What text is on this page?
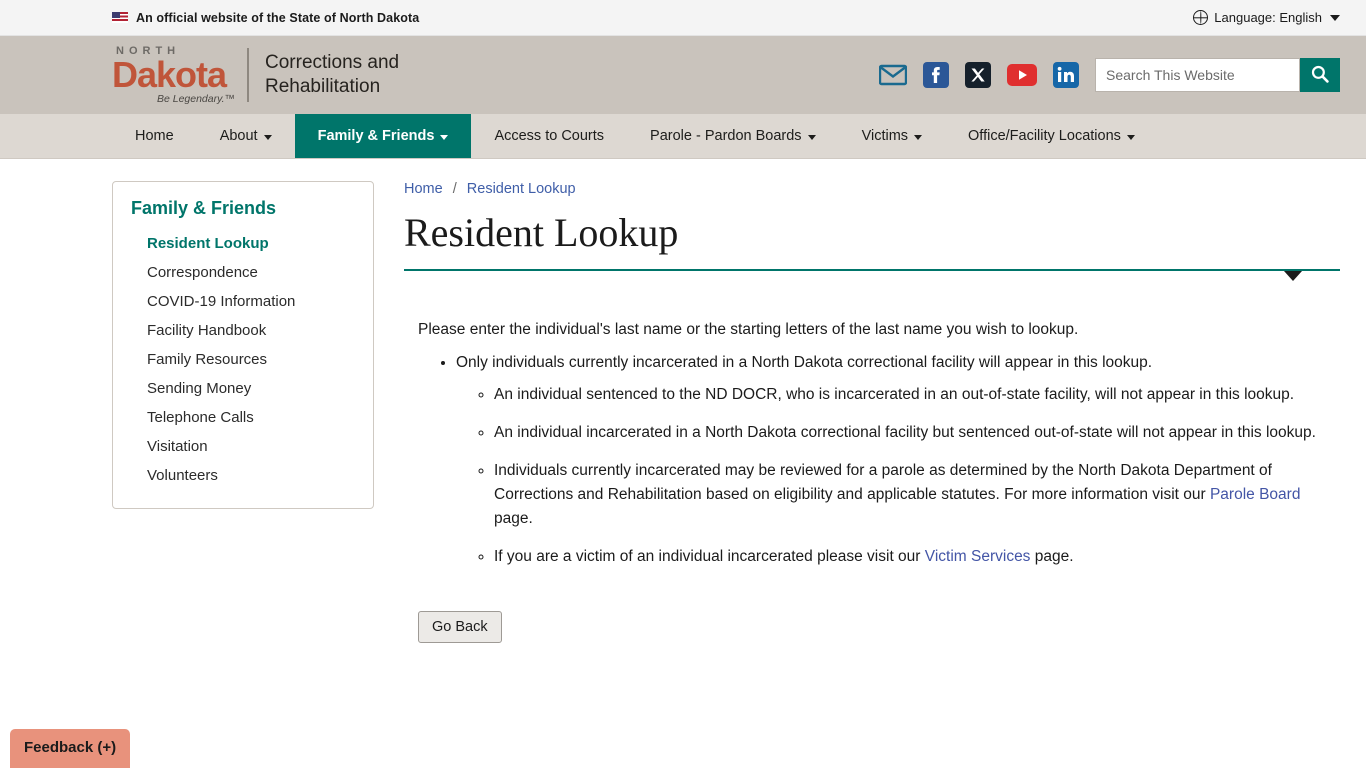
An official website of the State of North Dakota	Language: English
NORTH
Dakota
Be Legendary.™
Corrections and Rehabilitation
Search This Website
Home	About	Family & Friends	Access to Courts	Parole - Pardon Boards	Victims	Office/Facility Locations
Family & Friends
Resident Lookup
Correspondence
COVID-19 Information
Facility Handbook
Family Resources
Sending Money
Telephone Calls
Visitation
Volunteers
Home / Resident Lookup
Resident Lookup

Please enter the individual's last name or the starting letters of the last name you wish to lookup.

• Only individuals currently incarcerated in a North Dakota correctional facility will appear in this lookup.
◦ An individual sentenced to the ND DOCR, who is incarcerated in an out-of-state facility, will not appear in this lookup.
◦ An individual incarcerated in a North Dakota correctional facility but sentenced out-of-state will not appear in this lookup.
◦ Individuals currently incarcerated may be reviewed for a parole as determined by the North Dakota Department of Corrections and Rehabilitation based on eligibility and applicable statutes. For more information visit our Parole Board page.
◦ If you are a victim of an individual incarcerated please visit our Victim Services page.
Go Back
Feedback (+)
